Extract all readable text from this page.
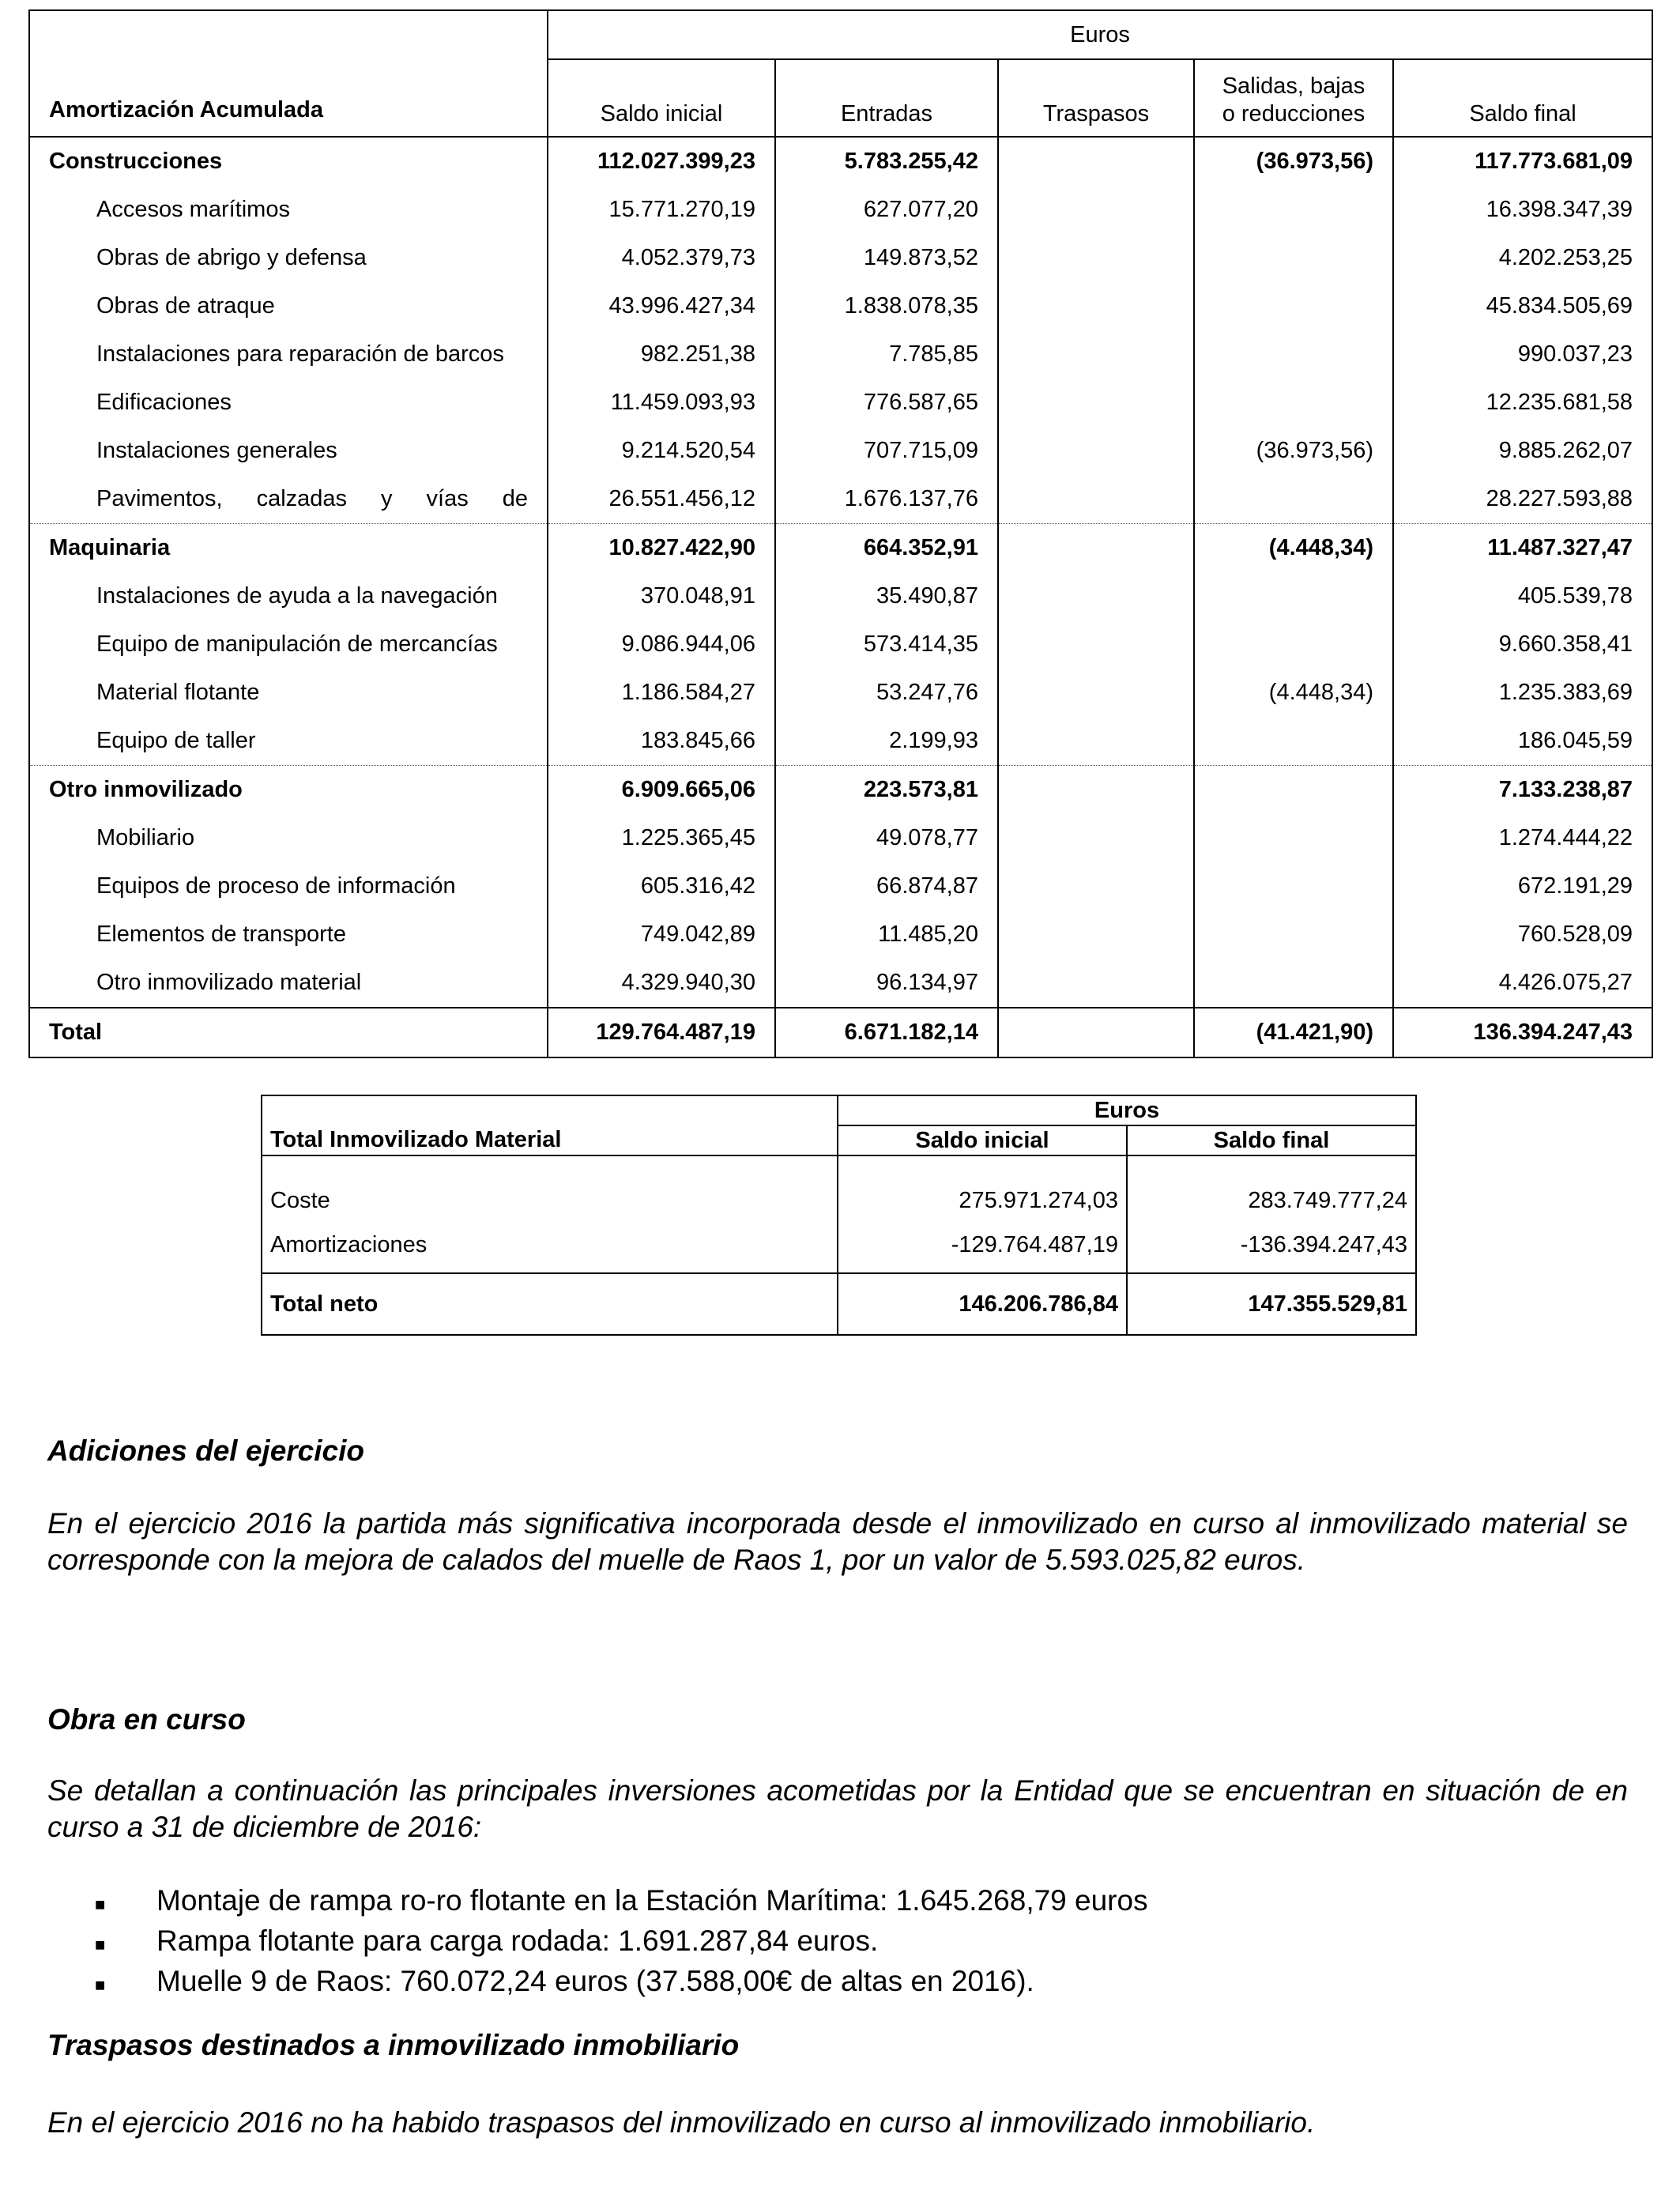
Amortización Acumulada	Euros				
	Saldo inicial	Entradas	Traspasos	Salidas, bajas o reducciones	Saldo final
Construcciones	112.027.399,23	5.783.255,42		(36.973,56)	117.773.681,09
Accesos marítimos	15.771.270,19	627.077,20			16.398.347,39
Obras de abrigo y defensa	4.052.379,73	149.873,52			4.202.253,25
Obras de atraque	43.996.427,34	1.838.078,35			45.834.505,69
Instalaciones para reparación de barcos	982.251,38	7.785,85			990.037,23
Edificaciones	11.459.093,93	776.587,65			12.235.681,58
Instalaciones generales	9.214.520,54	707.715,09		(36.973,56)	9.885.262,07

Pavimentos, calzadas y vías de	26.551.456,12	1.676.137,76			28.227.593,88
Maquinaria	10.827.422,90	664.352,91		(4.448,34)	11.487.327,47
Instalaciones de ayuda a la navegación	370.048,91	35.490,87			405.539,78
Equipo de manipulación de mercancías	9.086.944,06	573.414,35			9.660.358,41
Material flotante	1.186.584,27	53.247,76		(4.448,34)	1.235.383,69
Equipo de taller	183.845,66	2.199,93			186.045,59
Otro inmovilizado	6.909.665,06	223.573,81			7.133.238,87
Mobiliario	1.225.365,45	49.078,77			1.274.444,22
Equipos de proceso de información	605.316,42	66.874,87			672.191,29
Elementos de transporte	749.042,89	11.485,20			760.528,09
Otro inmovilizado material	4.329.940,30	96.134,97			4.426.075,27
Total	129.764.487,19	6.671.182,14		(41.421,90)	136.394.247,43
Total Inmovilizado Material	Euros	
	Saldo inicial	Saldo final
Coste	275.971.274,03	283.749.777,24
Amortizaciones	-129.764.487,19	-136.394.247,43
Total neto	146.206.786,84	147.355.529,81
Adiciones del ejercicio
En el ejercicio 2016 la partida más significativa incorporada desde el inmovilizado en curso al inmovilizado material se corresponde con la mejora de calados del muelle de Raos 1, por un valor de 5.593.025,82 euros.
Obra en curso
Se detallan a continuación las principales inversiones acometidas por la Entidad que se encuentran en situación de en curso a 31 de diciembre de 2016:
■	Montaje de rampa ro-ro flotante en la Estación Marítima: 1.645.268,79 euros
■	Rampa flotante para carga rodada: 1.691.287,84 euros.
■	Muelle 9 de Raos: 760.072,24 euros (37.588,00€ de altas en 2016).
Traspasos destinados a inmovilizado inmobiliario
En el ejercicio 2016 no ha habido traspasos del inmovilizado en curso al inmovilizado inmobiliario.
